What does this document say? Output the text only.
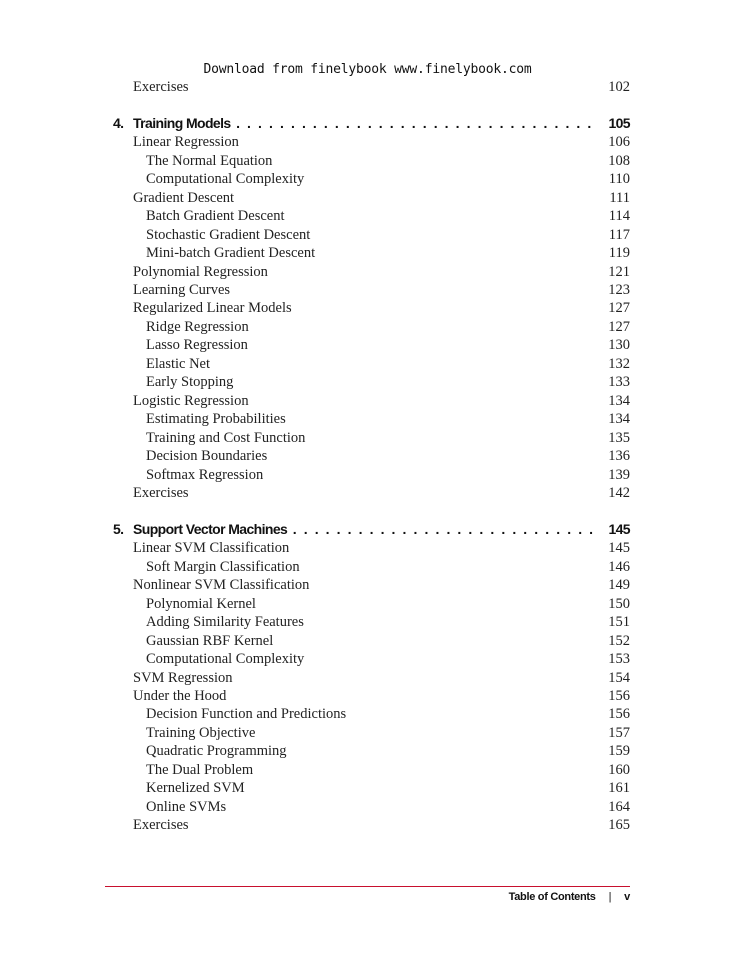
Download from finelybook www.finelybook.com
Exercises	102
4. Training Models . . .	105
Linear Regression	106
The Normal Equation	108
Computational Complexity	110
Gradient Descent	111
Batch Gradient Descent	114
Stochastic Gradient Descent	117
Mini-batch Gradient Descent	119
Polynomial Regression	121
Learning Curves	123
Regularized Linear Models	127
Ridge Regression	127
Lasso Regression	130
Elastic Net	132
Early Stopping	133
Logistic Regression	134
Estimating Probabilities	134
Training and Cost Function	135
Decision Boundaries	136
Softmax Regression	139
Exercises	142
5. Support Vector Machines . . .	145
Linear SVM Classification	145
Soft Margin Classification	146
Nonlinear SVM Classification	149
Polynomial Kernel	150
Adding Similarity Features	151
Gaussian RBF Kernel	152
Computational Complexity	153
SVM Regression	154
Under the Hood	156
Decision Function and Predictions	156
Training Objective	157
Quadratic Programming	159
The Dual Problem	160
Kernelized SVM	161
Online SVMs	164
Exercises	165
Table of Contents | v
